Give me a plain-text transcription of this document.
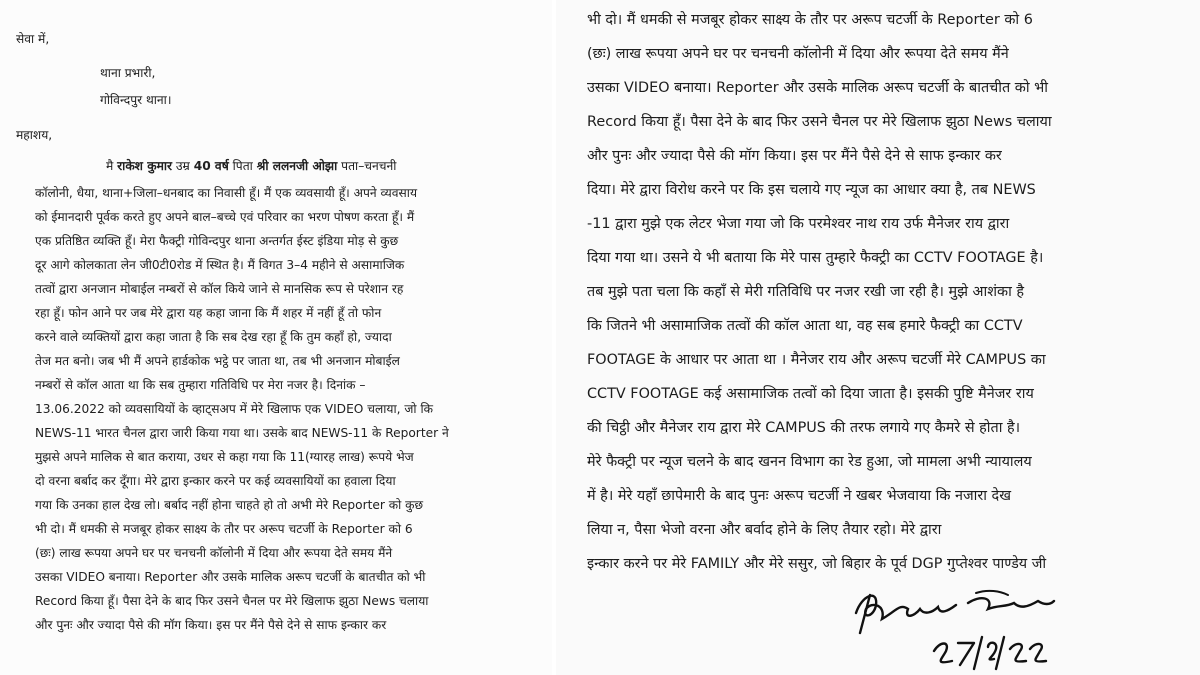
सेवा में,
थाना प्रभारी,
गोविन्दपुर थाना।
महाशय,
मै राकेश कुमार उम्र 40 वर्ष पिता श्री ललनजी ओझा पता–चनचनी
कॉलोनी, धैया, थाना+जिला–धनबाद का निवासी हूँ। मैं एक व्यवसायी हूँ। अपने व्यवसाय
को ईमानदारी पूर्वक करते हुए अपने बाल–बच्चे एवं परिवार का भरण पोषण करता हूँ। मैं
एक प्रतिष्ठित व्यक्ति हूँ। मेरा फैक्ट्री गोविन्दपुर थाना अन्तर्गत ईस्ट इंडिया मोड़ से कुछ
दूर आगे कोलकाता लेन जी0टी0रोड में स्थित है। मैं विगत 3–4 महीने से असामाजिक
तत्वों द्वारा अनजान मोबाईल नम्बरों से कॉल किये जाने से मानसिक रूप से परेशान रह
रहा हूँ। फोन आने पर जब मेरे द्वारा यह कहा जाना कि मैं शहर में नहीं हूँ तो फोन
करने वाले व्यक्तियों द्वारा कहा जाता है कि सब देख रहा हूँ कि तुम कहाँ हो, ज्यादा
तेज मत बनो। जब भी मैं अपने हार्डकोक भट्ठे पर जाता था, तब भी अनजान मोबाईल
नम्बरों से कॉल आता था कि सब तुम्हारा गतिविधि पर मेरा नजर है। दिनांक –
13.06.2022 को व्यवसायियों के व्हाट्सअप में मेरे खिलाफ एक VIDEO चलाया, जो कि
NEWS-11 भारत चैनल द्वारा जारी किया गया था। उसके बाद NEWS-11 के Reporter ने
मुझसे अपने मालिक से बात कराया, उधर से कहा गया कि 11(ग्यारह लाख) रूपये भेज
दो वरना बर्बाद कर दूँगा। मेरे द्वारा इन्कार करने पर कई व्यवसायियों का हवाला दिया
गया कि उनका हाल देख लो। बर्बाद नहीं होना चाहते हो तो अभी मेरे Reporter को कुछ
भी दो। मैं धमकी से मजबूर होकर साक्ष्य के तौर पर अरूप चटर्जी के Reporter को 6
(छः) लाख रूपया अपने घर पर चनचनी कॉलोनी में दिया और रूपया देते समय मैंने
उसका VIDEO बनाया। Reporter और उसके मालिक अरूप चटर्जी के बातचीत को भी
Record किया हूँ। पैसा देने के बाद फिर उसने चैनल पर मेरे खिलाफ झुठा News चलाया
और पुनः और ज्यादा पैसे की मॉग किया। इस पर मैंने पैसे देने से साफ इन्कार कर
भी दो। मैं धमकी से मजबूर होकर साक्ष्य के तौर पर अरूप चटर्जी के Reporter को 6
(छः) लाख रूपया अपने घर पर चनचनी कॉलोनी में दिया और रूपया देते समय मैंने
उसका VIDEO बनाया। Reporter और उसके मालिक अरूप चटर्जी के बातचीत को भी
Record किया हूँ। पैसा देने के बाद फिर उसने चैनल पर मेरे खिलाफ झुठा News चलाया
और पुनः और ज्यादा पैसे की मॉग किया। इस पर मैंने पैसे देने से साफ इन्कार कर
दिया। मेरे द्वारा विरोध करने पर कि इस चलाये गए न्यूज का आधार क्या है, तब NEWS
-11 द्वारा मुझे एक लेटर भेजा गया जो कि परमेश्वर नाथ राय उर्फ मैनेजर राय द्वारा
दिया गया था। उसने ये भी बताया कि मेरे पास तुम्हारे फैक्ट्री का CCTV FOOTAGE है।
तब मुझे पता चला कि कहाँ से मेरी गतिविधि पर नजर रखी जा रही है। मुझे आशंका है
कि जितने भी असामाजिक तत्वों की कॉल आता था, वह सब हमारे फैक्ट्री का CCTV
FOOTAGE के आधार पर आता था । मैनेजर राय और अरूप चटर्जी मेरे CAMPUS का
CCTV FOOTAGE कई असामाजिक तत्वों को दिया जाता है। इसकी पुष्टि मैनेजर राय
की चिट्ठी और मैनेजर राय द्वारा मेरे CAMPUS की तरफ लगाये गए कैमरे से होता है।
मेरे फैक्ट्री पर न्यूज चलने के बाद खनन विभाग का रेड हुआ, जो मामला अभी न्यायालय
में है। मेरे यहाँ छापेमारी के बाद पुनः अरूप चटर्जी ने खबर भेजवाया कि नजारा देख
लिया न, पैसा भेजो वरना और बर्वाद होने के लिए तैयार रहो। मेरे द्वारा
इन्कार करने पर मेरे FAMILY और मेरे ससुर, जो बिहार के पूर्व DGP गुप्तेश्वर पाण्डेय जी
